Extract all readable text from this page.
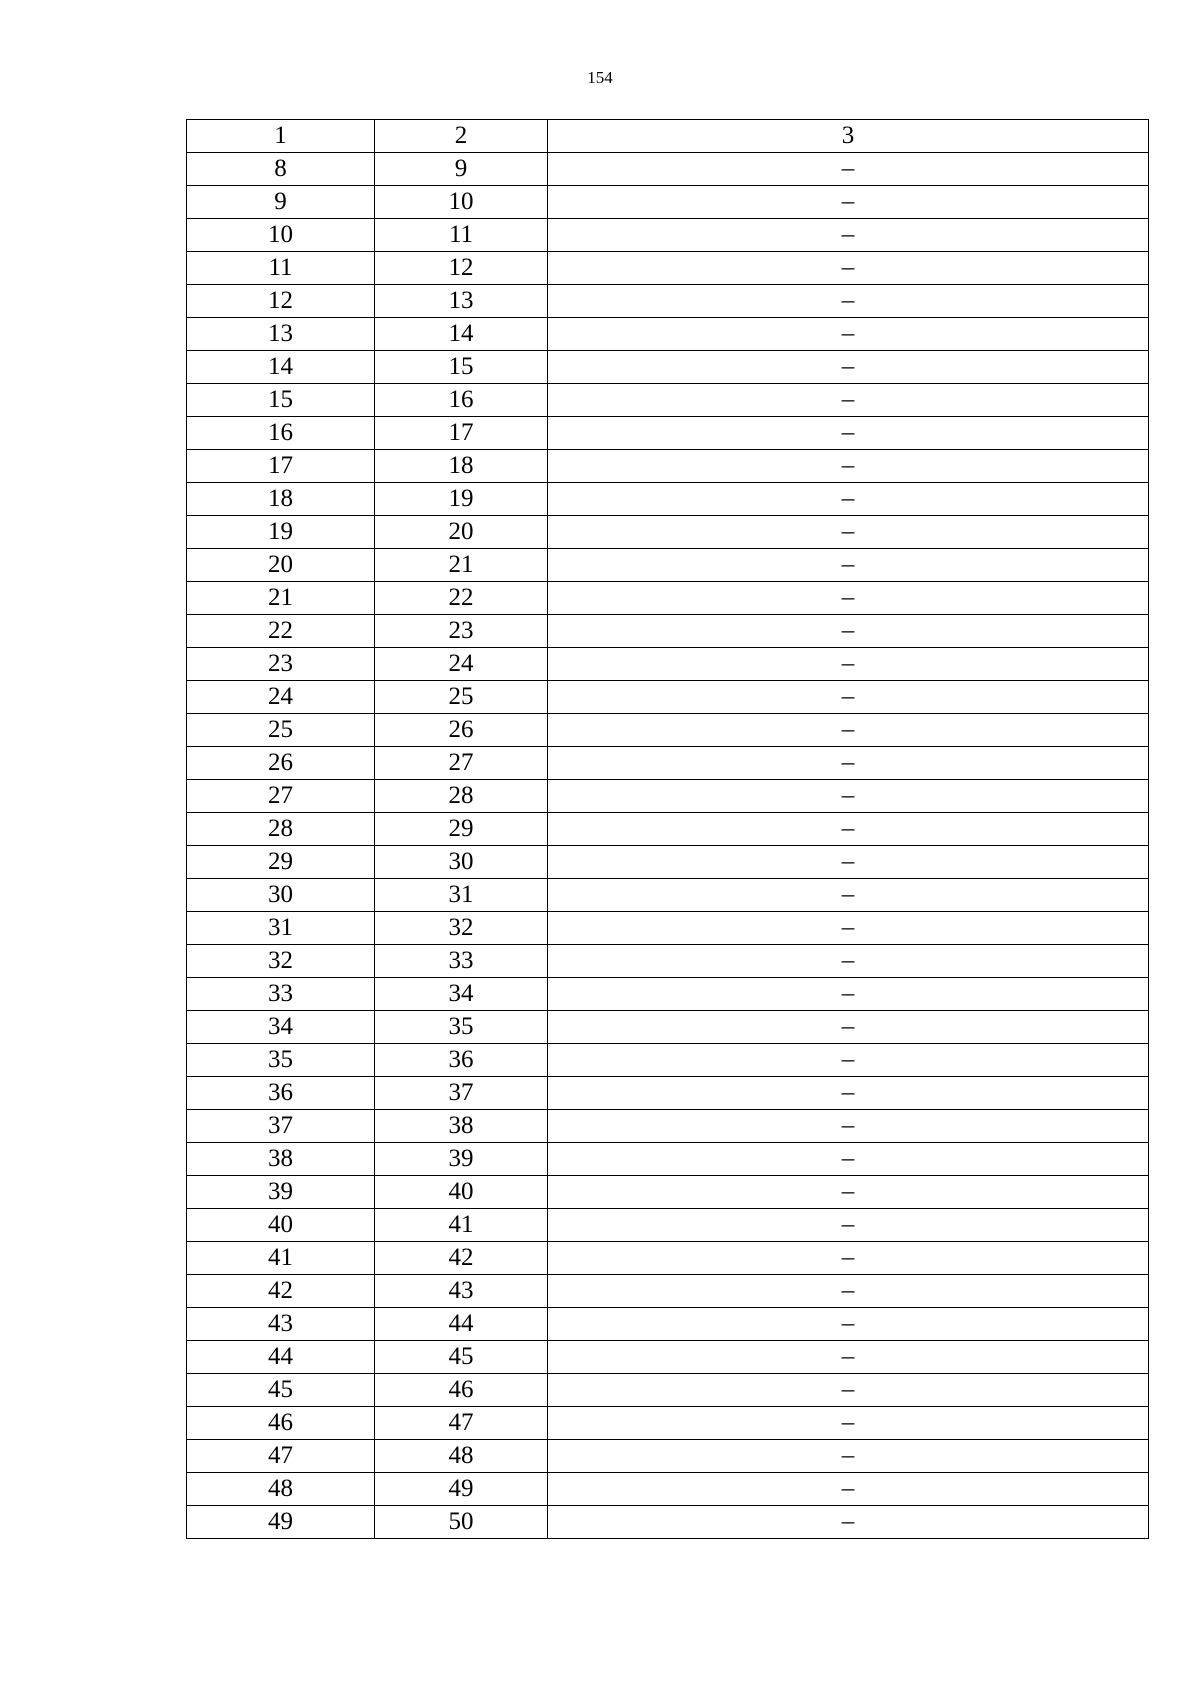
154
1	2	3
8	9	–
9	10	–
10	11	–
11	12	–
12	13	–
13	14	–
14	15	–
15	16	–
16	17	–
17	18	–
18	19	–
19	20	–
20	21	–
21	22	–
22	23	–
23	24	–
24	25	–
25	26	–
26	27	–
27	28	–
28	29	–
29	30	–
30	31	–
31	32	–
32	33	–
33	34	–
34	35	–
35	36	–
36	37	–
37	38	–
38	39	–
39	40	–
40	41	–
41	42	–
42	43	–
43	44	–
44	45	–
45	46	–
46	47	–
47	48	–
48	49	–
49	50	–
